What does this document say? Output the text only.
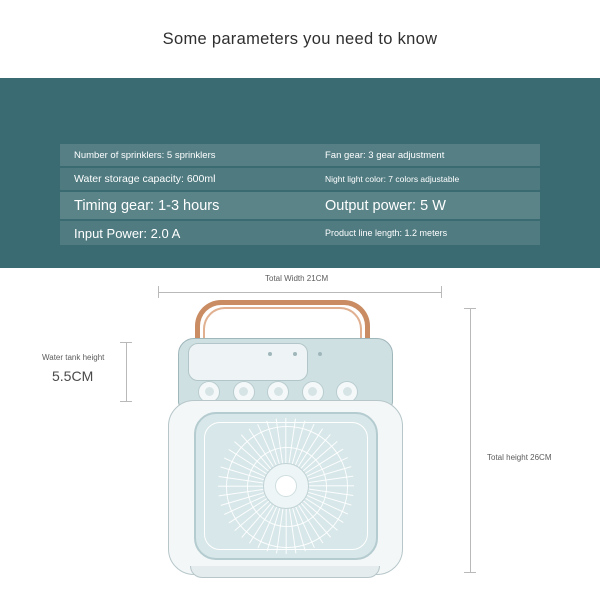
Some parameters you need to know
Number of sprinklers: 5 sprinklers	Fan gear: 3 gear adjustment
Water storage capacity: 600ml	Night light color: 7 colors adjustable
Timing gear: 1-3 hours	Output power: 5 W
Input Power: 2.0 A	Product line length: 1.2 meters
Total Width 21CM
Water tank height
5.5CM
Total height 26CM
